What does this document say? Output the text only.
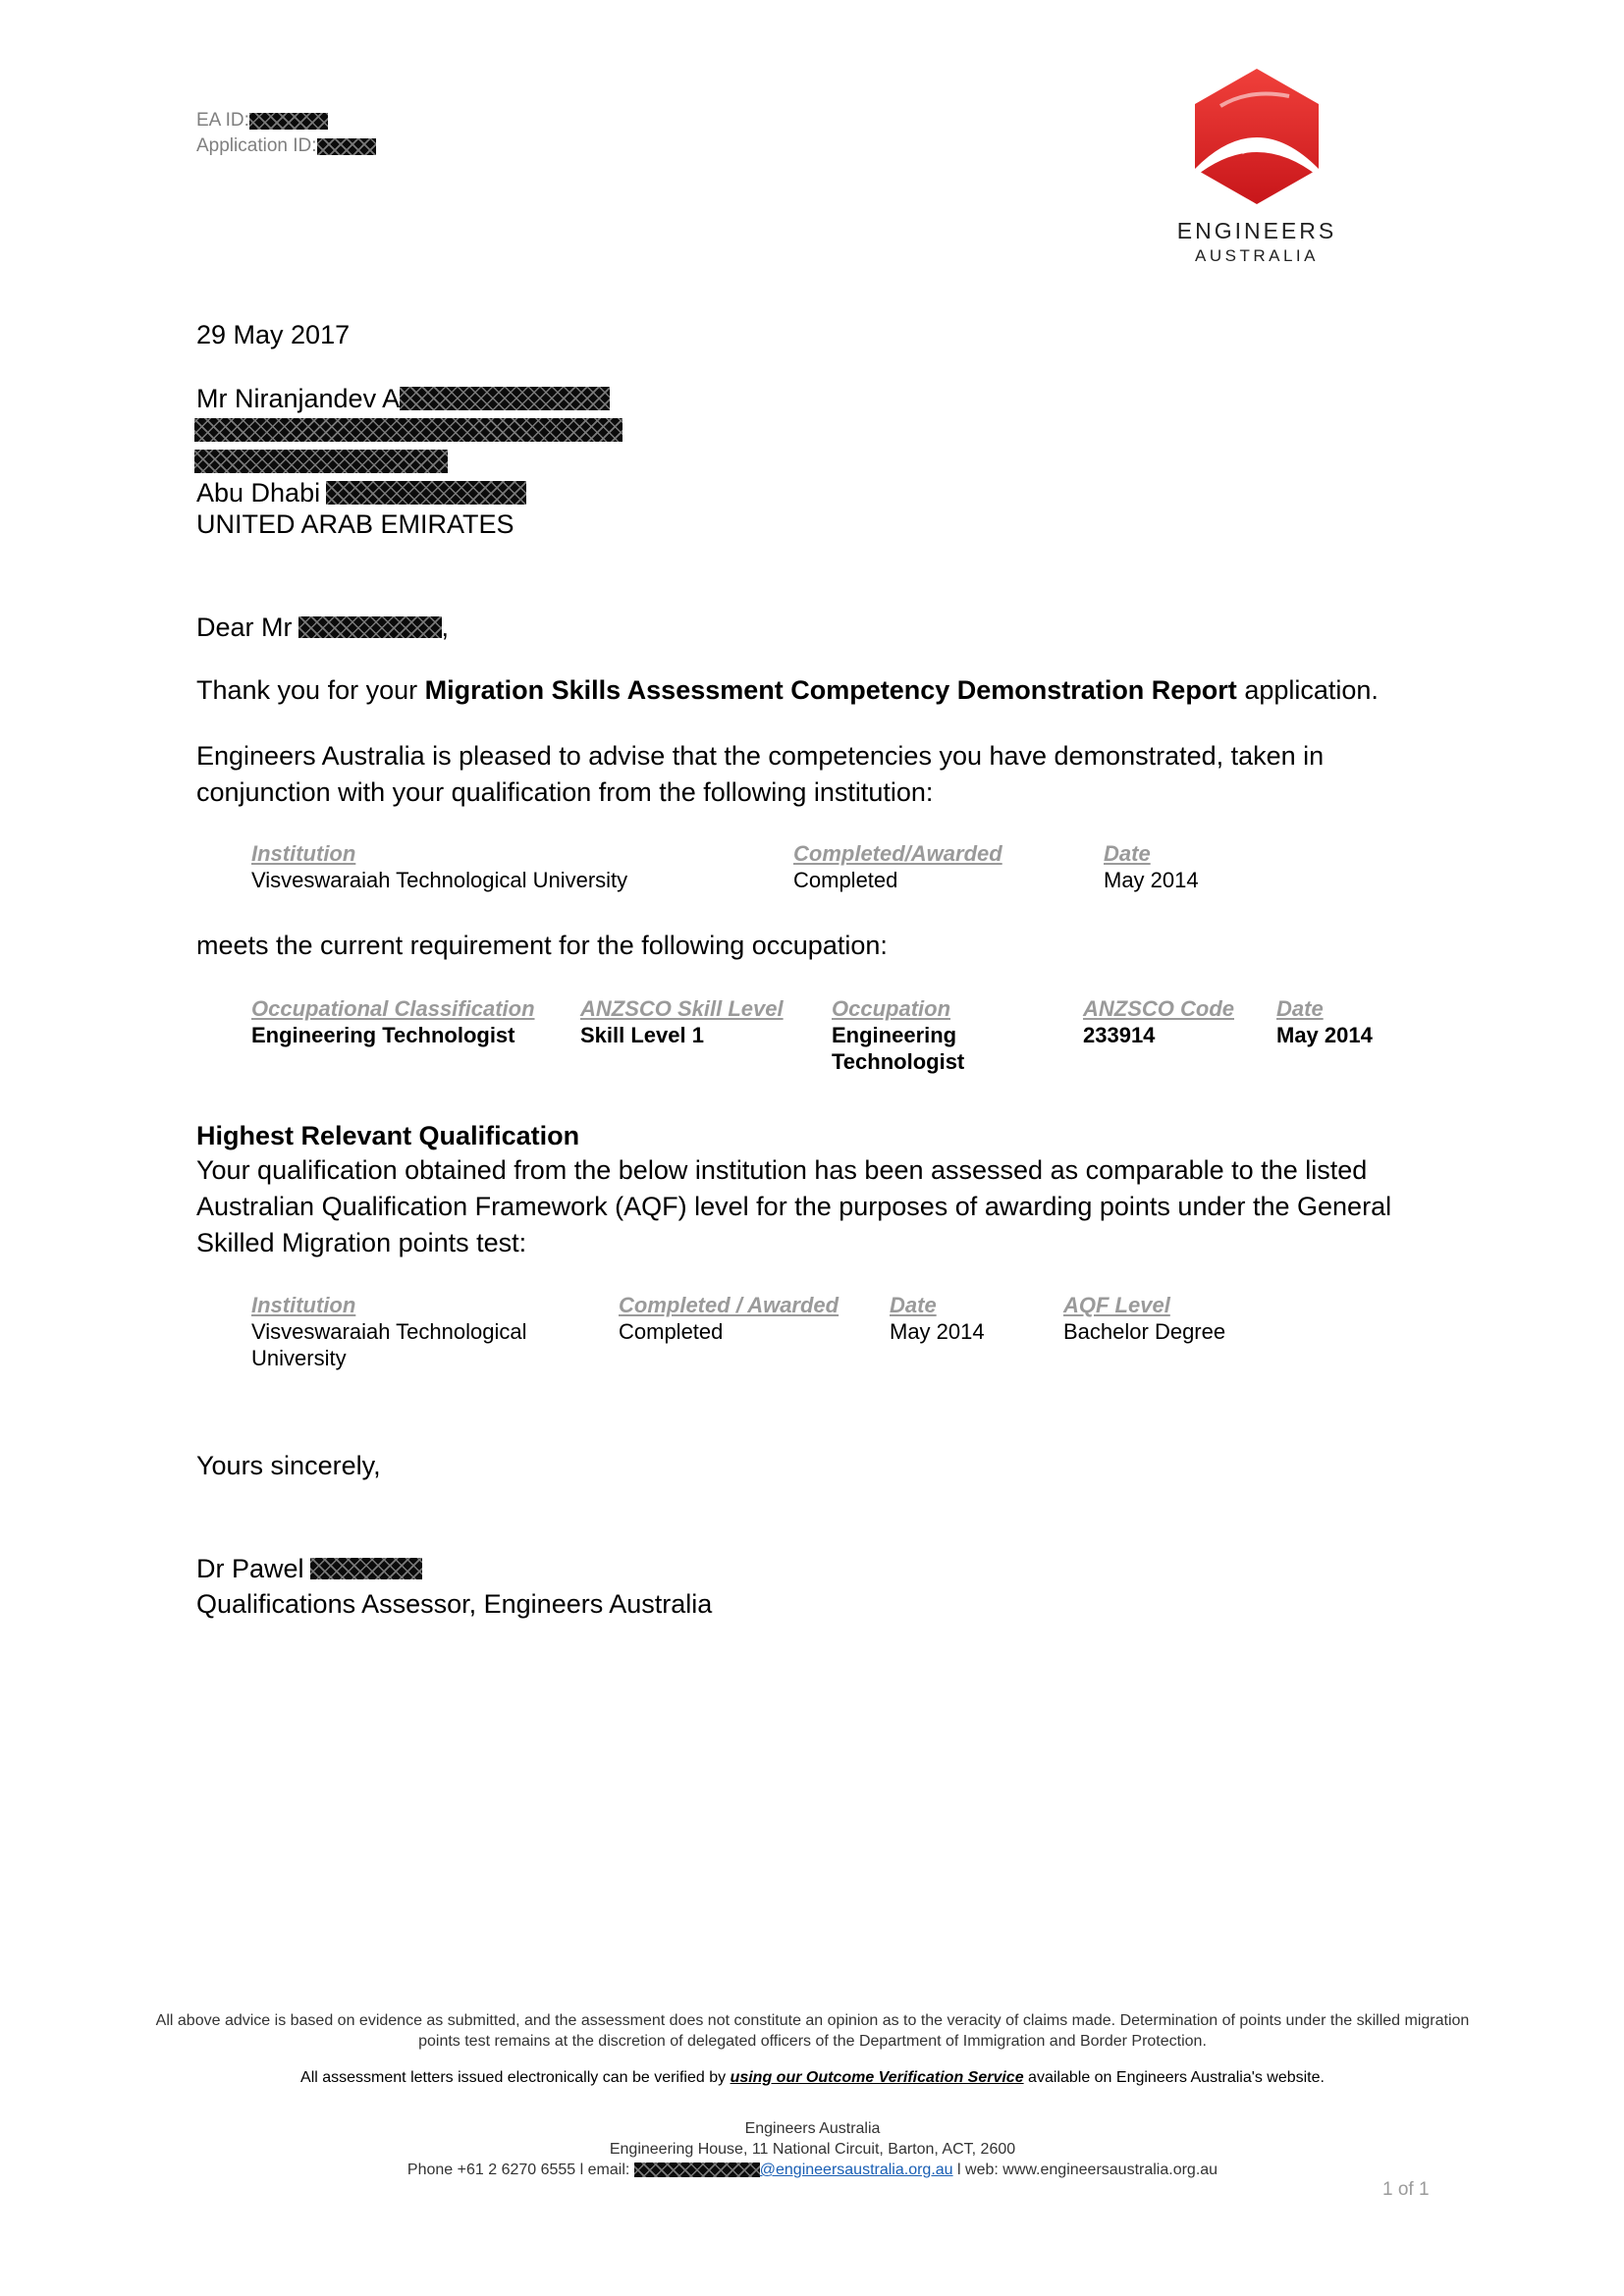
EA ID:
Application ID:
ENGINEERS
AUSTRALIA
29 May 2017
Mr Niranjandev A
Abu Dhabi
UNITED ARAB EMIRATES
Dear Mr	,
Thank you for your Migration Skills Assessment Competency Demonstration Report application.
Engineers Australia is pleased to advise that the competencies you have demonstrated, taken in conjunction with your qualification from the following institution:
Institution	Completed/Awarded	Date
Visveswaraiah Technological University	Completed	May 2014
meets the current requirement for the following occupation:
Occupational Classification	ANZSCO Skill Level	Occupation	ANZSCO Code	Date
Engineering Technologist	Skill Level 1	Engineering Technologist	233914	May 2014
Highest Relevant Qualification
Your qualification obtained from the below institution has been assessed as comparable to the listed Australian Qualification Framework (AQF) level for the purposes of awarding points under the General Skilled Migration points test:
Institution	Completed / Awarded	Date	AQF Level
Visveswaraiah Technological University	Completed	May 2014	Bachelor Degree
Yours sincerely,
Dr Pawel
Qualifications Assessor, Engineers Australia
All above advice is based on evidence as submitted, and the assessment does not constitute an opinion as to the veracity of claims made. Determination of points under the skilled migration points test remains at the discretion of delegated officers of the Department of Immigration and Border Protection.
All assessment letters issued electronically can be verified by using our Outcome Verification Service available on Engineers Australia's website.
Engineers Australia
Engineering House, 11 National Circuit, Barton, ACT, 2600
Phone +61 2 6270 6555 l email:	@engineersaustralia.org.au l web: www.engineersaustralia.org.au
1 of 1
